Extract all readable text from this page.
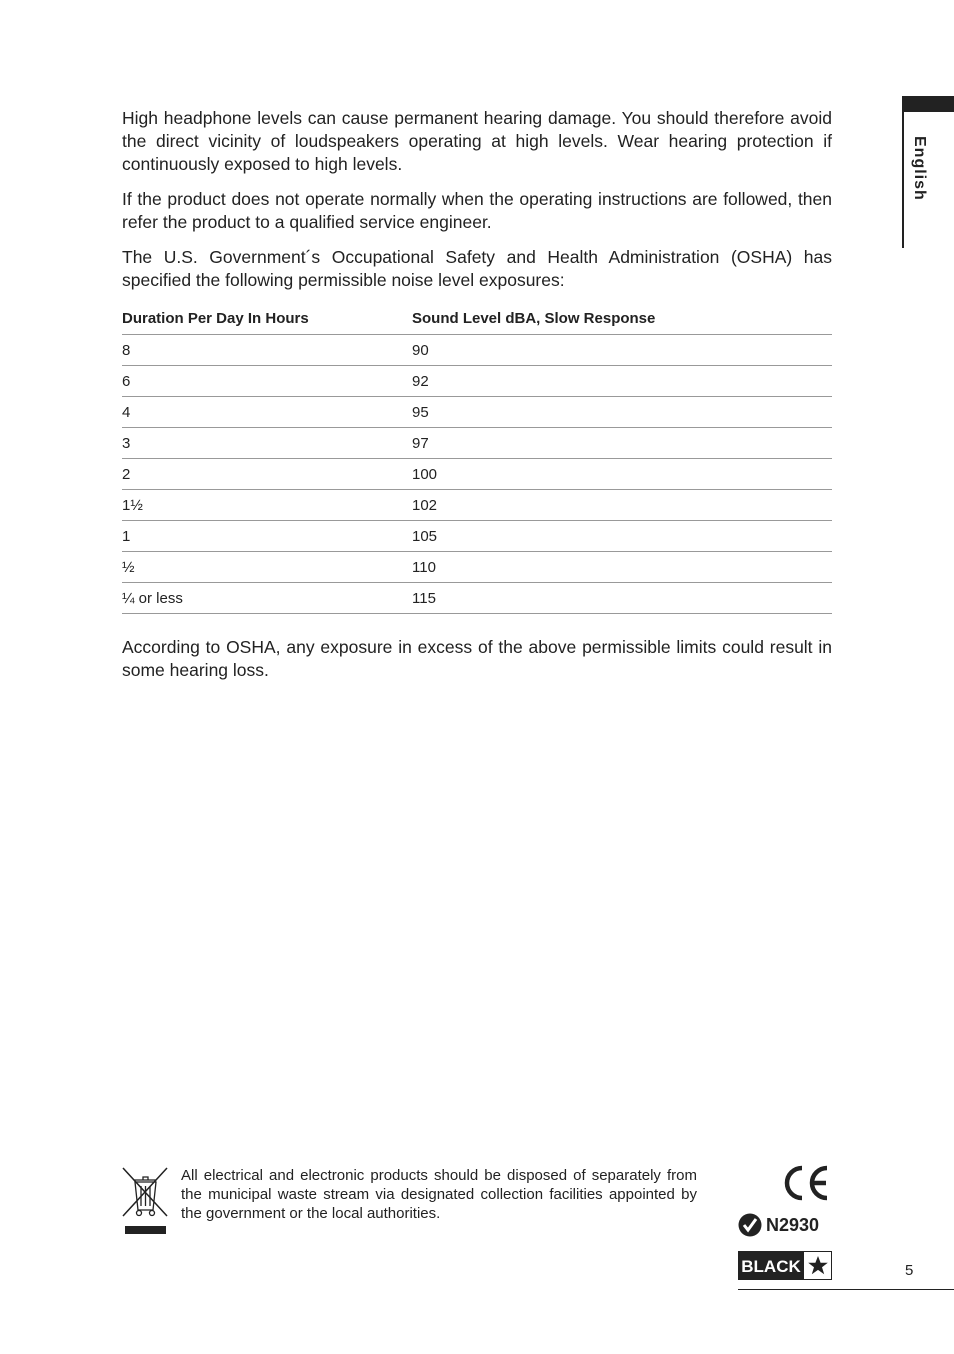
English

High headphone levels can cause permanent hearing damage. You should therefore avoid the direct vicinity of loudspeakers operating at high levels. Wear hearing protection if continuously exposed to high levels.

If the product does not operate normally when the operating instructions are followed, then refer the product to a qualified service engineer.

The U.S. Government´s Occupational Safety and Health Administration (OSHA) has specified the following permissible noise level exposures:

Duration Per Day In Hours	Sound Level dBA, Slow Response
8	90
6	92
4	95
3	97
2	100
1½	102
1	105
½	110
¼ or less	115

According to OSHA, any exposure in excess of the above permissible limits could result in some hearing loss.

All electrical and electronic products should be disposed of separately from the municipal waste stream via designated collection facilities appointed by the government or the local authorities.
N2930
BLACK	5
